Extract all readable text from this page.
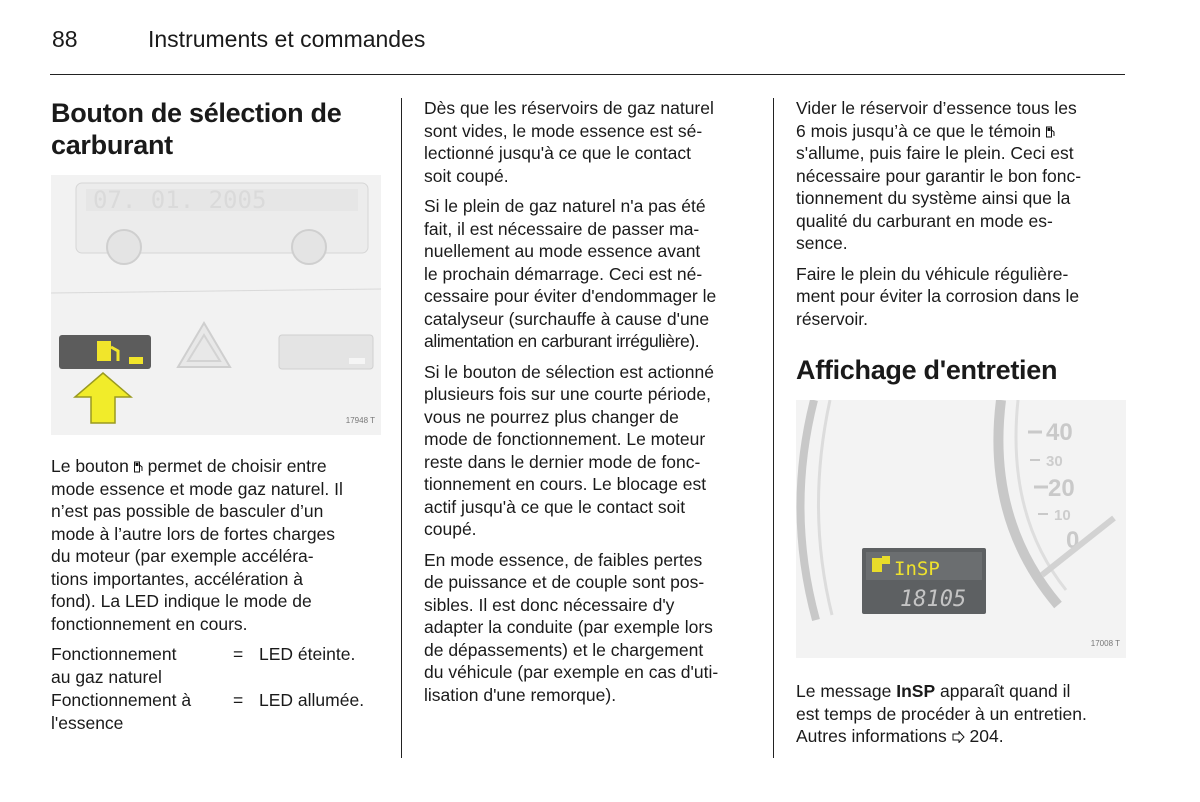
88	Instruments et commandes
Bouton de sélection de
carburant
07. 01. 2005
17948 T

Le bouton permet de choisir entre
mode essence et mode gaz naturel. Il
n’est pas possible de basculer d’un
mode à l’autre lors de fortes charges
du moteur (par exemple accéléra-
tions importantes, accélération à
fond). La LED indique le mode de
fonctionnement en cours.

Fonctionnement
au gaz naturel
= LED éteinte.
Fonctionnement à
l'essence
= LED allumée.

Dès que les réservoirs de gaz naturel
sont vides, le mode essence est sé-
lectionné jusqu'à ce que le contact
soit coupé.

Si le plein de gaz naturel n'a pas été
fait, il est nécessaire de passer ma-
nuellement au mode essence avant
le prochain démarrage. Ceci est né-
cessaire pour éviter d'endommager le
catalyseur (surchauffe à cause d'une
alimentation en carburant irrégulière).

Si le bouton de sélection est actionné
plusieurs fois sur une courte période,
vous ne pourrez plus changer de
mode de fonctionnement. Le moteur
reste dans le dernier mode de fonc-
tionnement en cours. Le blocage est
actif jusqu'à ce que le contact soit
coupé.

En mode essence, de faibles pertes
de puissance et de couple sont pos-
sibles. Il est donc nécessaire d'y
adapter la conduite (par exemple lors
de dépassements) et le chargement
du véhicule (par exemple en cas d'uti-
lisation d'une remorque).

Vider le réservoir d’essence tous les
6 mois jusqu’à ce que le témoin
s'allume, puis faire le plein. Ceci est
nécessaire pour garantir le bon fonc-
tionnement du système ainsi que la
qualité du carburant en mode es-
sence.

Faire le plein du véhicule régulière-
ment pour éviter la corrosion dans le
réservoir.

Affichage d'entretien
40
30
20
10
0
InSP
18105
17008 T

Le message InSP apparaît quand il
est temps de procéder à un entretien.
Autres informations 204.
